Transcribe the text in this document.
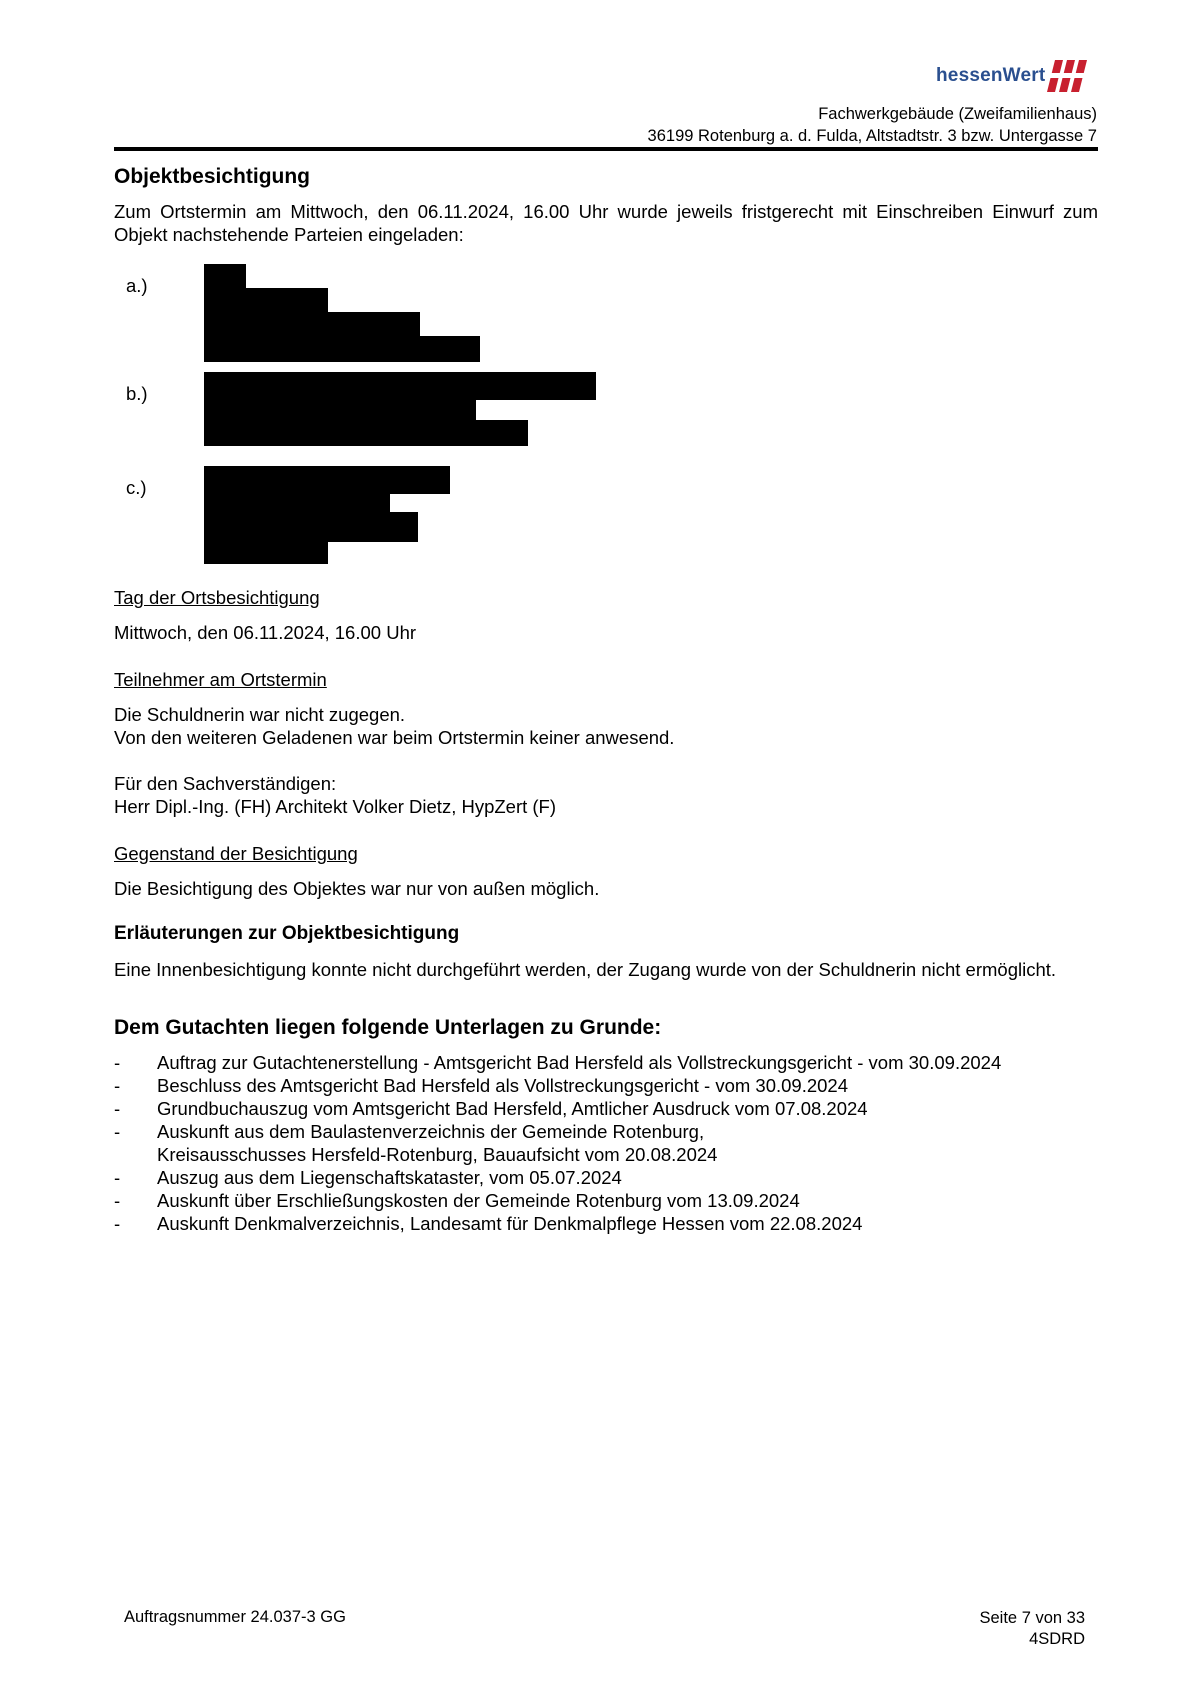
hessenWert
Fachwerkgebäude (Zweifamilienhaus)
36199 Rotenburg a. d. Fulda, Altstadtstr. 3 bzw. Untergasse 7
Objektbesichtigung

Zum Ortstermin am Mittwoch, den 06.11.2024, 16.00 Uhr wurde jeweils fristgerecht mit Einschreiben Einwurf zum Objekt nachstehende Parteien eingeladen:

a.)
b.)
c.)

Tag der Ortsbesichtigung

Mittwoch, den 06.11.2024, 16.00 Uhr

Teilnehmer am Ortstermin

Die Schuldnerin war nicht zugegen.

Von den weiteren Geladenen war beim Ortstermin keiner anwesend.

Für den Sachverständigen:

Herr Dipl.-Ing. (FH) Architekt Volker Dietz, HypZert (F)

Gegenstand der Besichtigung

Die Besichtigung des Objektes war nur von außen möglich.

Erläuterungen zur Objektbesichtigung

Eine Innenbesichtigung konnte nicht durchgeführt werden, der Zugang wurde von der Schuldnerin nicht ermöglicht.

Dem Gutachten liegen folgende Unterlagen zu Grunde:
- Auftrag zur Gutachtenerstellung - Amtsgericht Bad Hersfeld als Vollstreckungsgericht - vom 30.09.2024
- Beschluss des Amtsgericht Bad Hersfeld als Vollstreckungsgericht - vom 30.09.2024
- Grundbuchauszug vom Amtsgericht Bad Hersfeld, Amtlicher Ausdruck vom 07.08.2024
- Auskunft aus dem Baulastenverzeichnis der Gemeinde Rotenburg,
Kreisausschusses Hersfeld-Rotenburg, Bauaufsicht vom 20.08.2024
- Auszug aus dem Liegenschaftskataster, vom 05.07.2024
- Auskunft über Erschließungskosten der Gemeinde Rotenburg vom 13.09.2024
- Auskunft Denkmalverzeichnis, Landesamt für Denkmalpflege Hessen vom 22.08.2024
Auftragsnummer 24.037-3 GG	Seite 7 von 33
4SDRD
